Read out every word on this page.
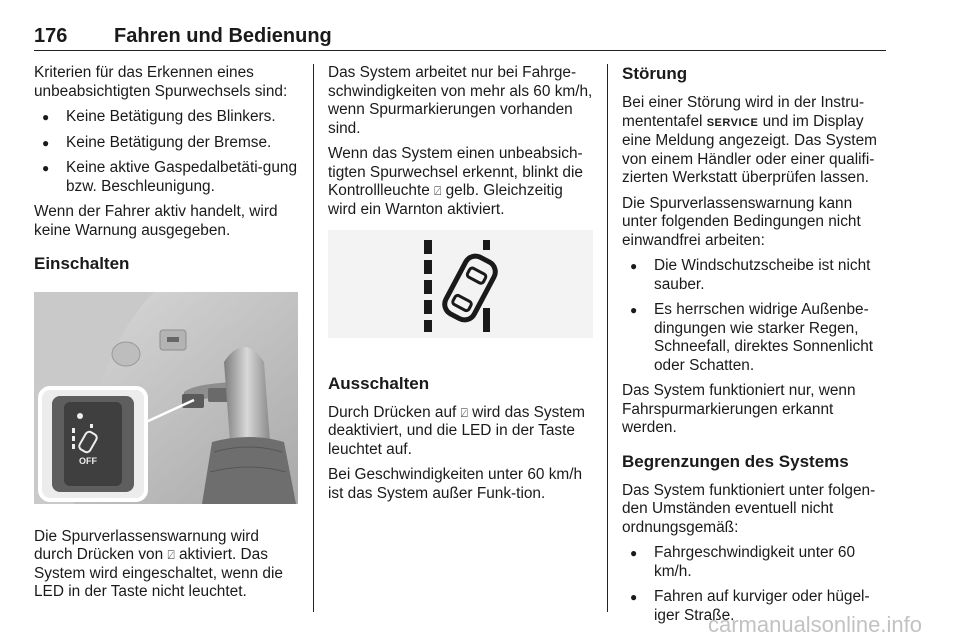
176 Fahren und Bedienung

Kriterien für das Erkennen eines unbeabsichtigten Spurwechsels sind:

● Keine Betätigung des Blinkers.
● Keine Betätigung der Bremse.
● Keine aktive Gaspedalbetäti-gung bzw. Beschleunigung.

Wenn der Fahrer aktiv handelt, wird keine Warnung ausgegeben.

Einschalten
OFF

Die Spurverlassenswarnung wird durch Drücken von ⍁ aktiviert. Das System wird eingeschaltet, wenn die LED in der Taste nicht leuchtet.

Das System arbeitet nur bei Fahrge-schwindigkeiten von mehr als 60 km/h, wenn Spurmarkierungen vorhanden sind.

Wenn das System einen unbeabsich-tigten Spurwechsel erkennt, blinkt die Kontrollleuchte ⍁ gelb. Gleichzeitig wird ein Warnton aktiviert.

Ausschalten

Durch Drücken auf ⍁ wird das System deaktiviert, und die LED in der Taste leuchtet auf.

Bei Geschwindigkeiten unter 60 km/h ist das System außer Funk-tion.

Störung

Bei einer Störung wird in der Instru-mententafel SERVICE und im Display eine Meldung angezeigt. Das System von einem Händler oder einer qualifi-zierten Werkstatt überprüfen lassen.

Die Spurverlassenswarnung kann unter folgenden Bedingungen nicht einwandfrei arbeiten:

● Die Windschutzscheibe ist nicht sauber.
● Es herrschen widrige Außenbe-dingungen wie starker Regen, Schneefall, direktes Sonnenlicht oder Schatten.

Das System funktioniert nur, wenn Fahrspurmarkierungen erkannt werden.

Begrenzungen des Systems

Das System funktioniert unter folgen-den Umständen eventuell nicht ordnungsgemäß:

● Fahrgeschwindigkeit unter 60 km/h.
● Fahren auf kurviger oder hügel-iger Straße.
carmanualsonline.info
